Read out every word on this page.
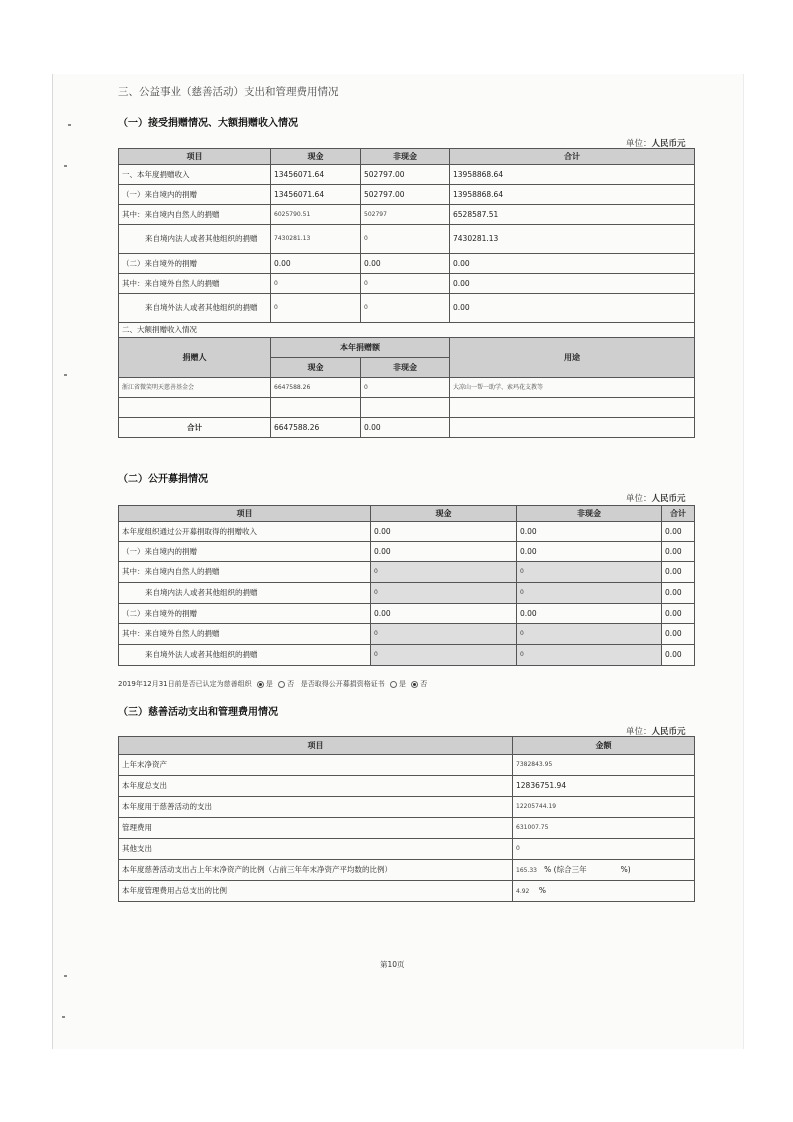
三、公益事业（慈善活动）支出和管理费用情况
（一）接受捐赠情况、大额捐赠收入情况
单位：人民币元
项目	现金	非现金	合计
一、本年度捐赠收入	13456071.64	502797.00	13958868.64
（一）来自境内的捐赠	13456071.64	502797.00	13958868.64
其中：来自境内自然人的捐赠	6025790.51	502797	6528587.51
来自境内法人或者其他组织的捐赠	7430281.13	0	7430281.13
（二）来自境外的捐赠	0.00	0.00	0.00
其中：来自境外自然人的捐赠	0	0	0.00
来自境外法人或者其他组织的捐赠	0	0	0.00
二、大额捐赠收入情况			
捐赠人	本年捐赠额		用途
	现金	非现金	
浙江省微笑明天慈善基金会	6647588.26	0	大凉山一帮一助学、索玛花支教等

合计	6647588.26	0.00	
（二）公开募捐情况
单位：人民币元
项目	现金	非现金	合计
本年度组织通过公开募捐取得的捐赠收入	0.00	0.00	0.00
（一）来自境内的捐赠	0.00	0.00	0.00
其中：来自境内自然人的捐赠	0	0	0.00
来自境内法人或者其他组织的捐赠	0	0	0.00
（二）来自境外的捐赠	0.00	0.00	0.00
其中：来自境外自然人的捐赠	0	0	0.00
来自境外法人或者其他组织的捐赠	0	0	0.00
2019年12月31日前是否已认定为慈善组织 是 否 是否取得公开募捐资格证书 是 否
（三）慈善活动支出和管理费用情况
单位：人民币元
项目	金额
上年末净资产	7382843.95
本年度总支出	12836751.94
本年度用于慈善活动的支出	12205744.19
管理费用	631007.75
其他支出	0
本年度慈善活动支出占上年末净资产的比例（占前三年年末净资产平均数的比例）	165.33 % (综合三年 %)
本年度管理费用占总支出的比例	4.92 %
第10页
